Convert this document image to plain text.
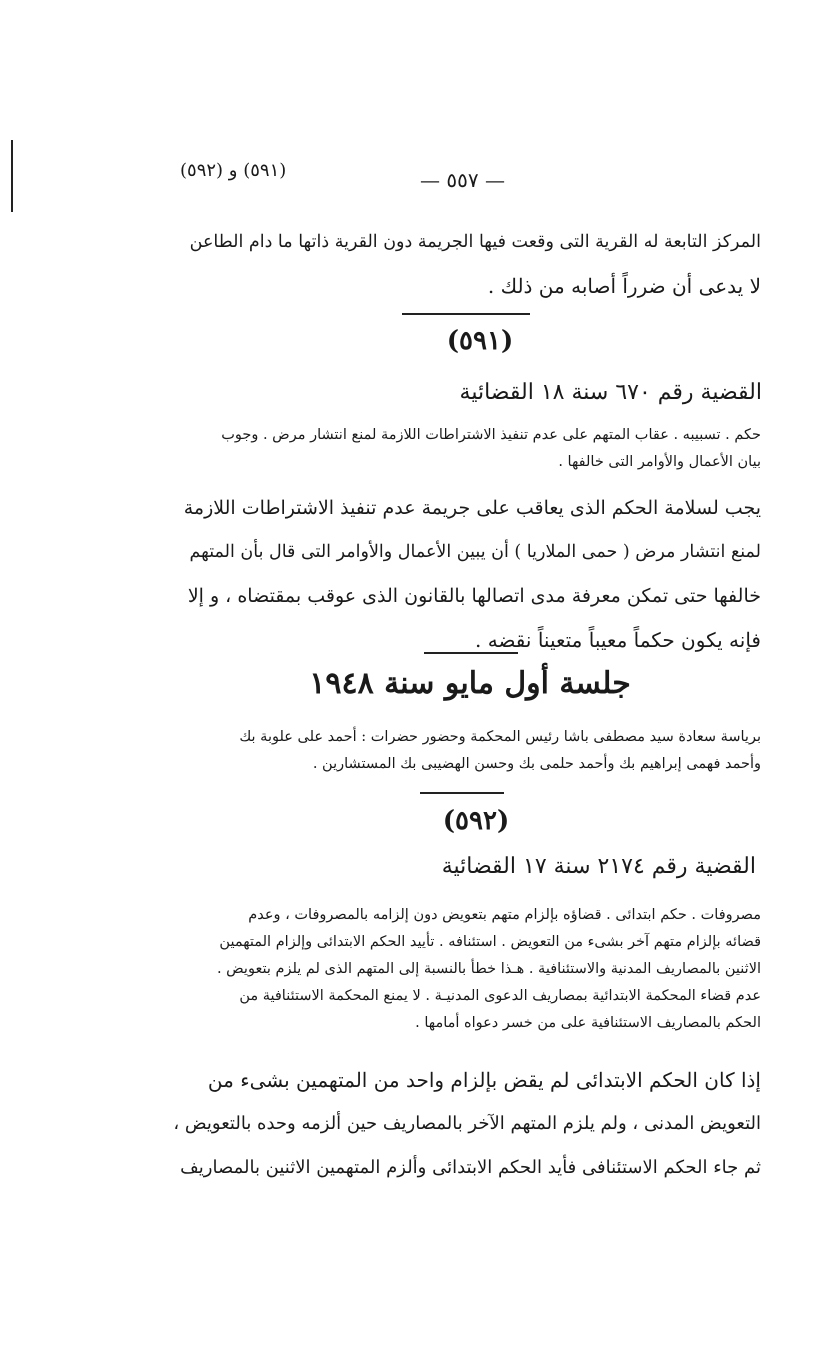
(٥٩١) و (٥٩٢)	— ٥٥٧ —
المركز التابعة له القرية التى وقعت فيها الجريمة دون القرية ذاتها ما دام الطاعن
لا يدعى أن ضرراً أصابه من ذلك .
(٥٩١)
القضية رقم ٦٧٠ سنة ١٨ القضائية
حكم . تسبيبه . عقاب المتهم على عدم تنفيذ الاشتراطات اللازمة لمنع انتشار مرض . وجوب
بيان الأعمال والأوامر التى خالفها .
يجب لسلامة الحكم الذى يعاقب على جريمة عدم تنفيذ الاشتراطات اللازمة
لمنع انتشار مرض ( حمى الملاريا ) أن يبين الأعمال والأوامر التى قال بأن المتهم
خالفها حتى تمكن معرفة مدى اتصالها بالقانون الذى عوقب بمقتضاه ، و إلا
فإنه يكون حكماً معيباً متعيناً نقضه .
جلسة أول مايو سنة ١٩٤٨
برياسة سعادة سيد مصطفى باشا رئيس المحكمة وحضور حضرات : أحمد على علوبة بك
وأحمد فهمى إبراهيم بك وأحمد حلمى بك وحسن الهضيبى بك المستشارين .
(٥٩٢)
القضية رقم ٢١٧٤ سنة ١٧ القضائية
مصروفات . حكم ابتدائى . قضاؤه بإلزام متهم بتعويض دون إلزامه بالمصروفات ، وعدم
قضائه بإلزام متهم آخر بشىء من التعويض . استئنافه . تأييد الحكم الابتدائى وإلزام المتهمين
الاثنين بالمصاريف المدنية والاستئنافية . هـذا خطأ بالنسبة إلى المتهم الذى لم يلزم بتعويض .
عدم قضاء المحكمة الابتدائية بمصاريف الدعوى المدنيـة . لا يمنع المحكمة الاستئنافية من
الحكم بالمصاريف الاستئنافية على من خسر دعواه أمامها .
إذا كان الحكم الابتدائى لم يقض بإلزام واحد من المتهمين بشىء من
التعويض المدنى ، ولم يلزم المتهم الآخر بالمصاريف حين ألزمه وحده بالتعويض ،
ثم جاء الحكم الاستئنافى فأيد الحكم الابتدائى وألزم المتهمين الاثنين بالمصاريف
